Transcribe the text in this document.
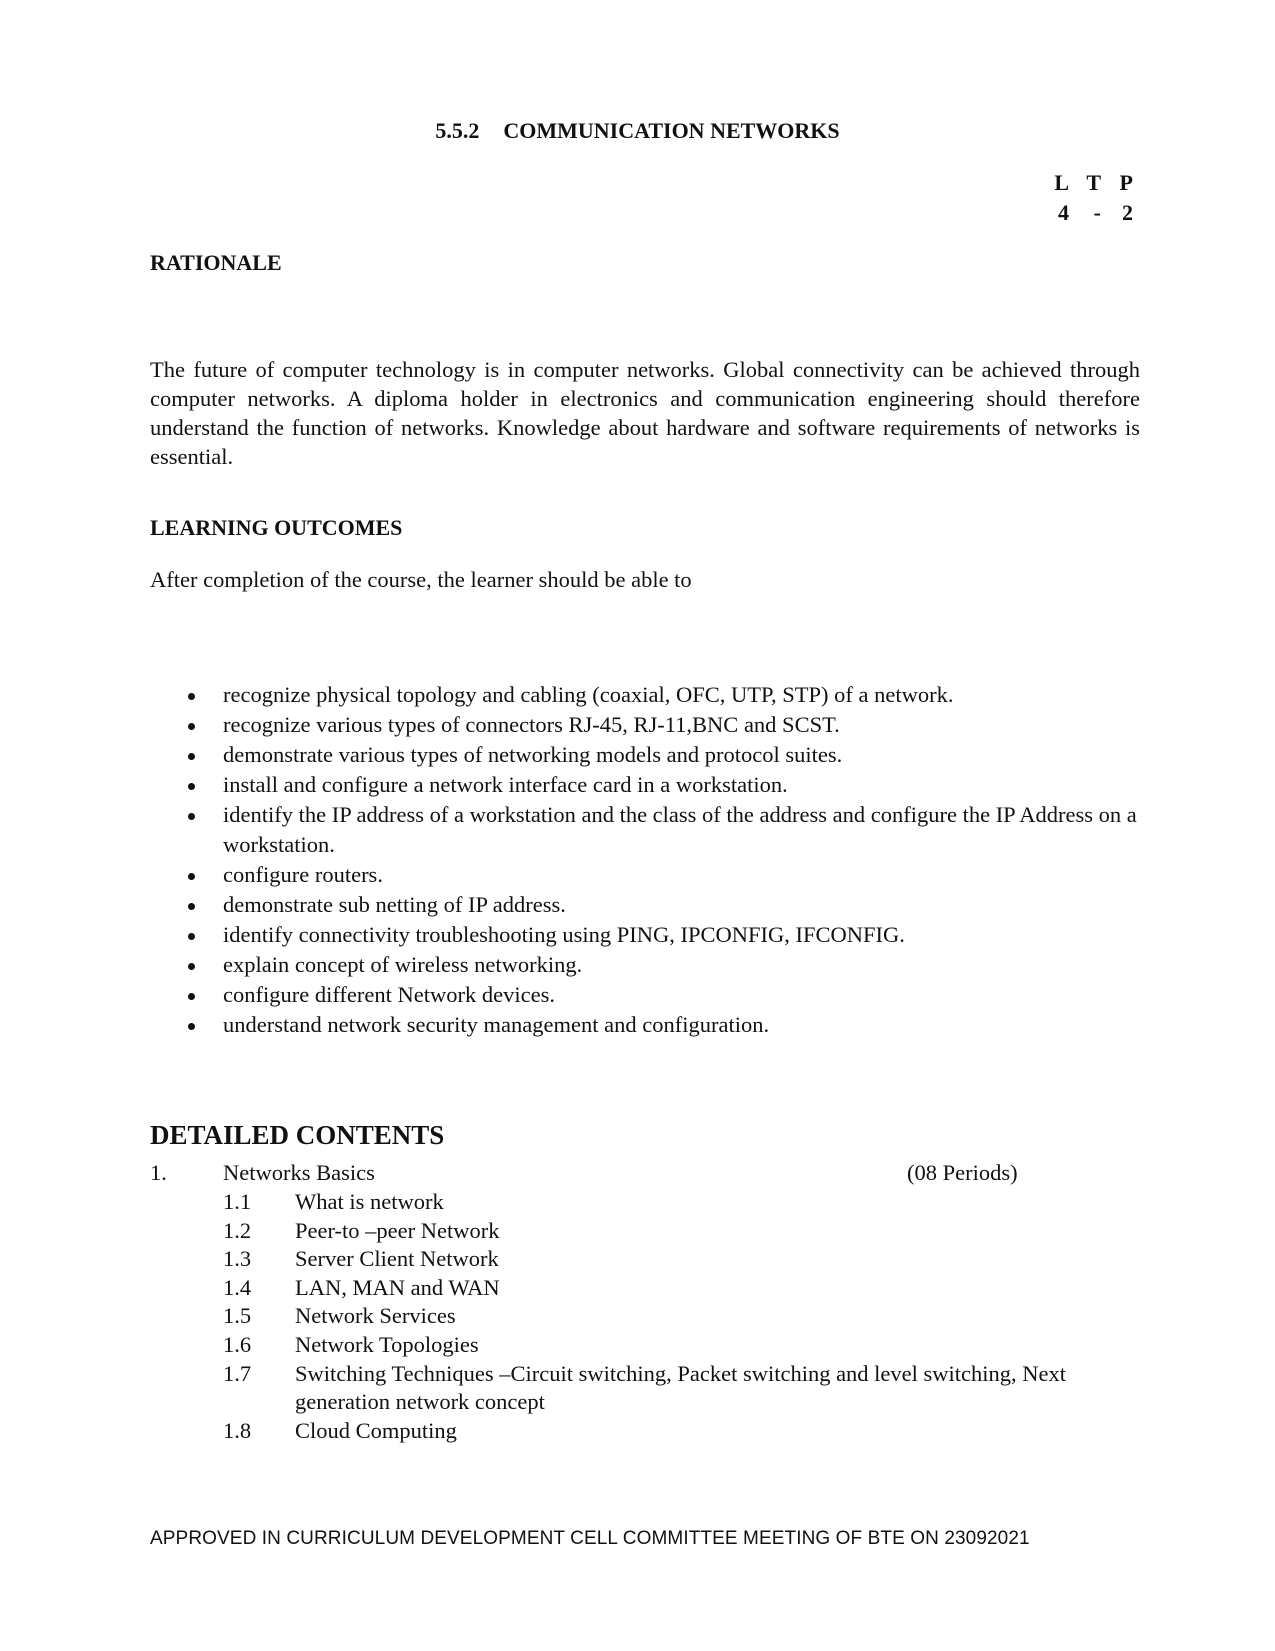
5.5.2 COMMUNICATION NETWORKS
L T P
4 - 2
RATIONALE
The future of computer technology is in computer networks. Global connectivity can be achieved through computer networks. A diploma holder in electronics and communication engineering should therefore understand the function of networks. Knowledge about hardware and software requirements of networks is essential.
LEARNING OUTCOMES
After completion of the course, the learner should be able to
recognize physical topology and cabling (coaxial, OFC, UTP, STP) of a network.
recognize various types of connectors RJ-45, RJ-11,BNC and SCST.
demonstrate various types of networking models and protocol suites.
install and configure a network interface card in a workstation.
identify the IP address of a workstation and the class of the address and configure the IP Address on a workstation.
configure routers.
demonstrate sub netting of IP address.
identify connectivity troubleshooting using PING, IPCONFIG, IFCONFIG.
explain concept of wireless networking.
configure different Network devices.
understand network security management and configuration.
DETAILED CONTENTS
1. Networks Basics	(08 Periods)
1.1 What is network
1.2 Peer-to –peer Network
1.3 Server Client Network
1.4 LAN, MAN and WAN
1.5 Network Services
1.6 Network Topologies
1.7 Switching Techniques –Circuit switching, Packet switching and level switching, Next generation network concept
1.8 Cloud Computing
APPROVED IN CURRICULUM DEVELOPMENT CELL COMMITTEE MEETING OF BTE ON 23092021
